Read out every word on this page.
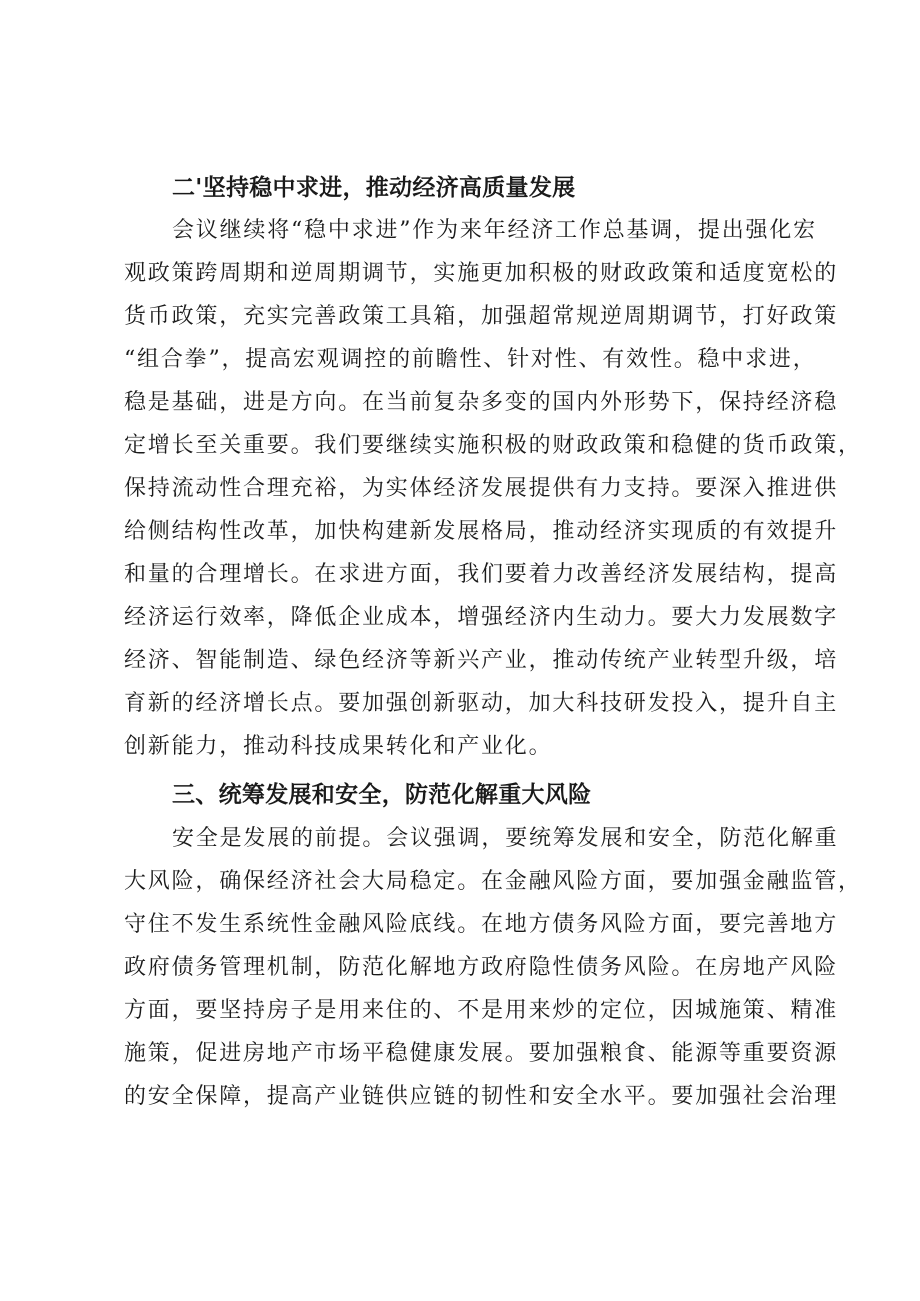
二'坚持稳中求进，推动经济高质量发展

会议继续将“稳中求进”作为来年经济工作总基调，提出强化宏

观政策跨周期和逆周期调节，实施更加积极的财政政策和适度宽松的

货币政策，充实完善政策工具箱，加强超常规逆周期调节，打好政策

“组合拳”，提高宏观调控的前瞻性、针对性、有效性。稳中求进，

稳是基础，进是方向。在当前复杂多变的国内外形势下，保持经济稳

定增长至关重要。我们要继续实施积极的财政政策和稳健的货币政策，

保持流动性合理充裕，为实体经济发展提供有力支持。要深入推进供

给侧结构性改革，加快构建新发展格局，推动经济实现质的有效提升

和量的合理增长。在求进方面，我们要着力改善经济发展结构，提高

经济运行效率，降低企业成本，增强经济内生动力。要大力发展数字

经济、智能制造、绿色经济等新兴产业，推动传统产业转型升级，培

育新的经济增长点。要加强创新驱动，加大科技研发投入，提升自主

创新能力，推动科技成果转化和产业化。

三、统筹发展和安全，防范化解重大风险

安全是发展的前提。会议强调，要统筹发展和安全，防范化解重

大风险，确保经济社会大局稳定。在金融风险方面，要加强金融监管，

守住不发生系统性金融风险底线。在地方债务风险方面，要完善地方

政府债务管理机制，防范化解地方政府隐性债务风险。在房地产风险

方面，要坚持房子是用来住的、不是用来炒的定位，因城施策、精准

施策，促进房地产市场平稳健康发展。要加强粮食、能源等重要资源

的安全保障，提高产业链供应链的韧性和安全水平。要加强社会治理
